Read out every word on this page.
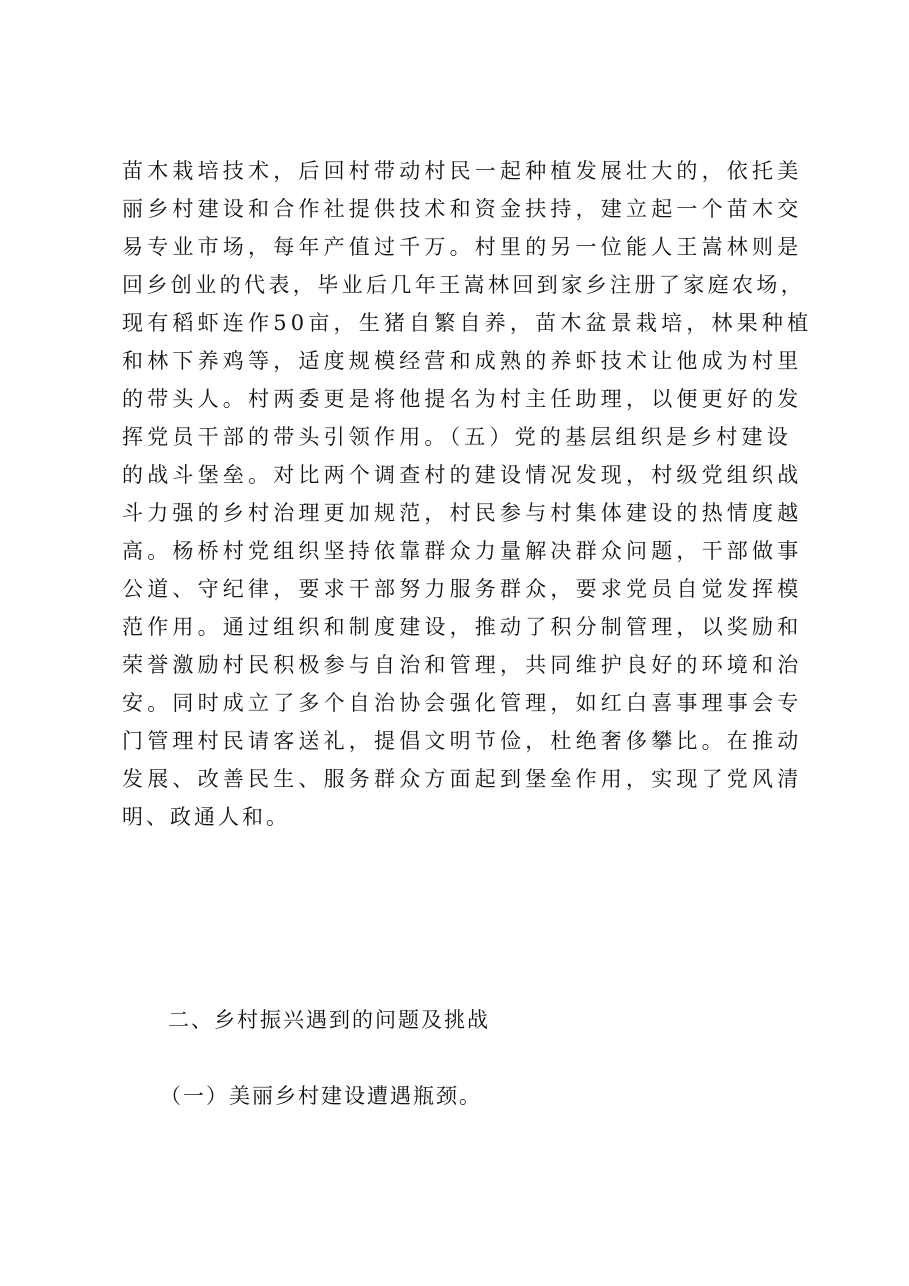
苗木栽培技术，后回村带动村民一起种植发展壮大的，依托美
丽乡村建设和合作社提供技术和资金扶持，建立起一个苗木交
易专业市场，每年产值过千万。村里的另一位能人王嵩林则是
回乡创业的代表，毕业后几年王嵩林回到家乡注册了家庭农场，
现有稻虾连作50亩，生猪自繁自养，苗木盆景栽培，林果种植
和林下养鸡等，适度规模经营和成熟的养虾技术让他成为村里
的带头人。村两委更是将他提名为村主任助理，以便更好的发
挥党员干部的带头引领作用。（五）党的基层组织是乡村建设
的战斗堡垒。对比两个调查村的建设情况发现，村级党组织战
斗力强的乡村治理更加规范，村民参与村集体建设的热情度越
高。杨桥村党组织坚持依靠群众力量解决群众问题，干部做事
公道、守纪律，要求干部努力服务群众，要求党员自觉发挥模
范作用。通过组织和制度建设，推动了积分制管理，以奖励和
荣誉激励村民积极参与自治和管理，共同维护良好的环境和治
安。同时成立了多个自治协会强化管理，如红白喜事理事会专
门管理村民请客送礼，提倡文明节俭，杜绝奢侈攀比。在推动
发展、改善民生、服务群众方面起到堡垒作用，实现了党风清
明、政通人和。
二、乡村振兴遇到的问题及挑战
（一）美丽乡村建设遭遇瓶颈。
